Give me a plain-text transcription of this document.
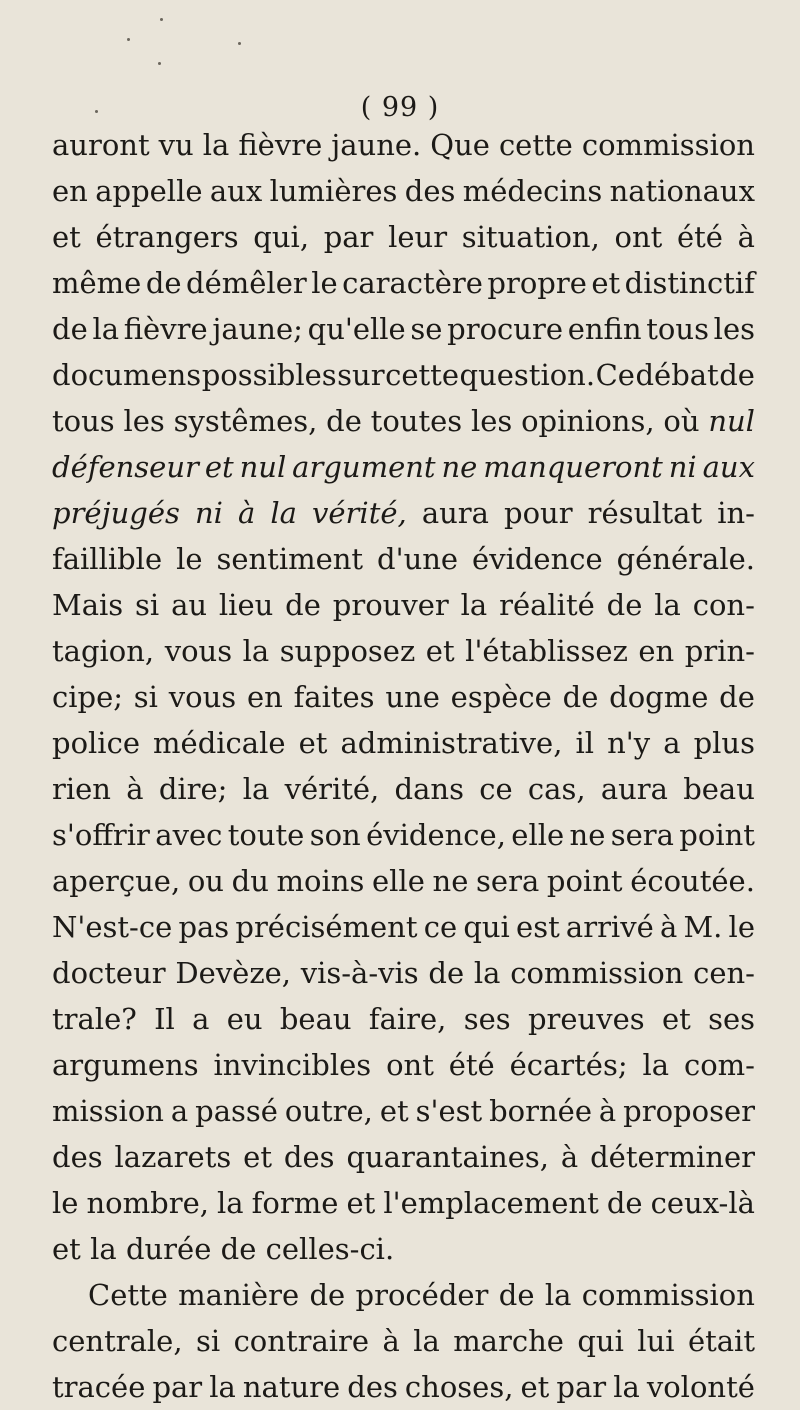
( 99 )
auront vu la fièvre jaune. Que cette commission
en appelle aux lumières des médecins nationaux
et étrangers qui, par leur situation, ont été à
même de démêler le caractère propre et distinctif
de la fièvre jaune; qu'elle se procure enfin tous les
documens possibles sur cette question. Ce débat de
tous les systêmes, de toutes les opinions, où nul
défenseur et nul argument ne manqueront ni aux
préjugés ni à la vérité, aura pour résultat in-
faillible le sentiment d'une évidence générale.
Mais si au lieu de prouver la réalité de la con-
tagion, vous la supposez et l'établissez en prin-
cipe; si vous en faites une espèce de dogme de
police médicale et administrative, il n'y a plus
rien à dire; la vérité, dans ce cas, aura beau
s'offrir avec toute son évidence, elle ne sera point
aperçue, ou du moins elle ne sera point écoutée.
N'est-ce pas précisément ce qui est arrivé à M. le
docteur Devèze, vis-à-vis de la commission cen-
trale? Il a eu beau faire, ses preuves et ses
argumens invincibles ont été écartés; la com-
mission a passé outre, et s'est bornée à proposer
des lazarets et des quarantaines, à déterminer
le nombre, la forme et l'emplacement de ceux-là
et la durée de celles-ci.
Cette manière de procéder de la commission
centrale, si contraire à la marche qui lui était
tracée par la nature des choses, et par la volonté
